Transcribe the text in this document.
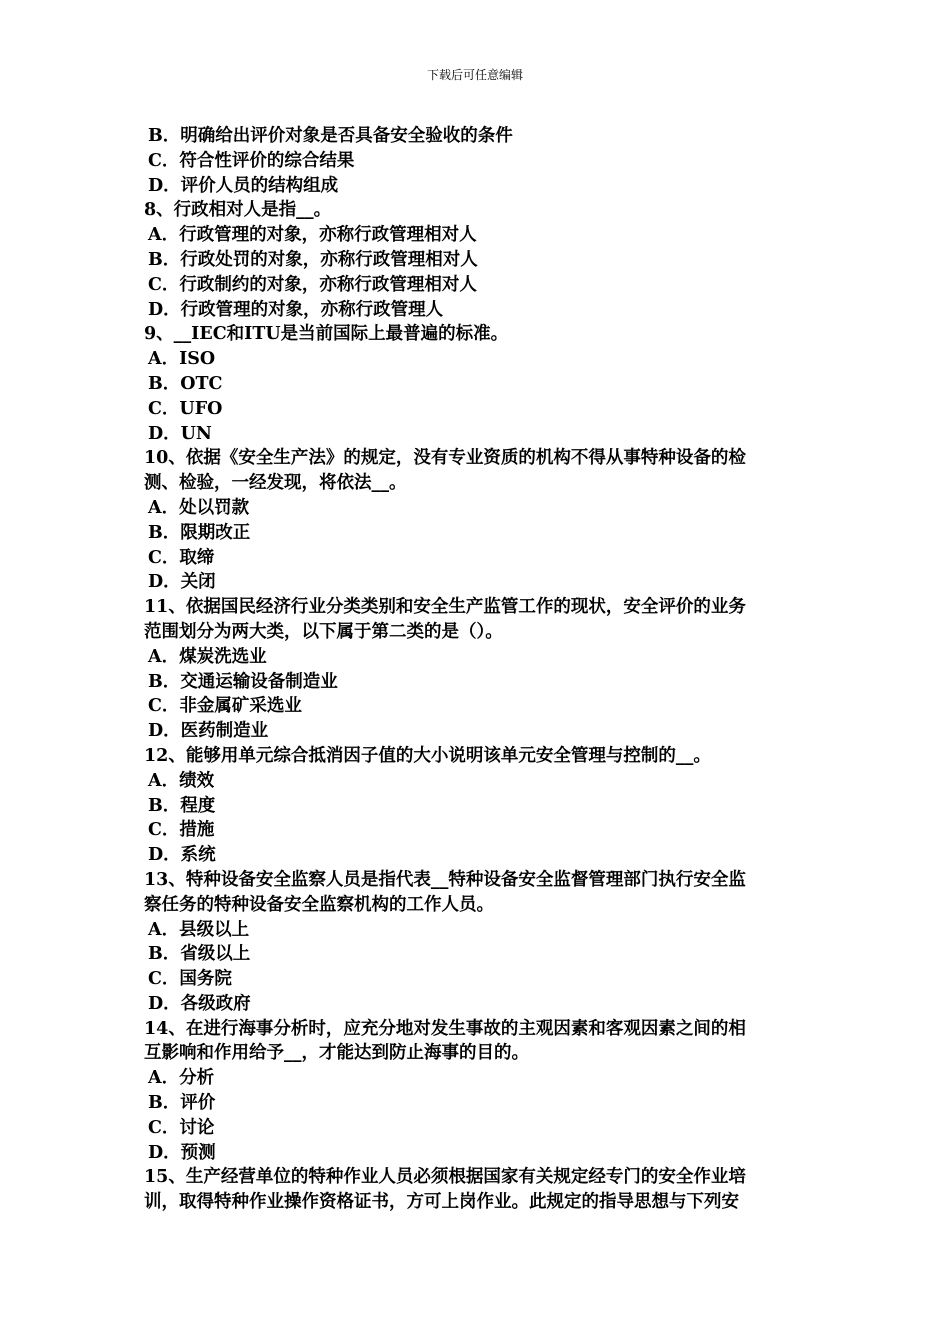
下载后可任意编辑
B．明确给出评价对象是否具备安全验收的条件
C．符合性评价的综合结果
D．评价人员的结构组成
8、行政相对人是指__。
A．行政管理的对象，亦称行政管理相对人
B．行政处罚的对象，亦称行政管理相对人
C．行政制约的对象，亦称行政管理相对人
D．行政管理的对象，亦称行政管理人
9、__IEC和ITU是当前国际上最普遍的标准。
A．ISO
B．OTC
C．UFO
D．UN
10、依据《安全生产法》的规定，没有专业资质的机构不得从事特种设备的检
测、检验，一经发现，将依法__。
A．处以罚款
B．限期改正
C．取缔
D．关闭
11、依据国民经济行业分类类别和安全生产监管工作的现状，安全评价的业务
范围划分为两大类，以下属于第二类的是（）。
A．煤炭洗选业
B．交通运输设备制造业
C．非金属矿采选业
D．医药制造业
12、能够用单元综合抵消因子值的大小说明该单元安全管理与控制的__。
A．绩效
B．程度
C．措施
D．系统
13、特种设备安全监察人员是指代表__特种设备安全监督管理部门执行安全监
察任务的特种设备安全监察机构的工作人员。
A．县级以上
B．省级以上
C．国务院
D．各级政府
14、在进行海事分析时，应充分地对发生事故的主观因素和客观因素之间的相
互影响和作用给予__，才能达到防止海事的目的。
A．分析
B．评价
C．讨论
D．预测
15、生产经营单位的特种作业人员必须根据国家有关规定经专门的安全作业培
训，取得特种作业操作资格证书，方可上岗作业。此规定的指导思想与下列安
